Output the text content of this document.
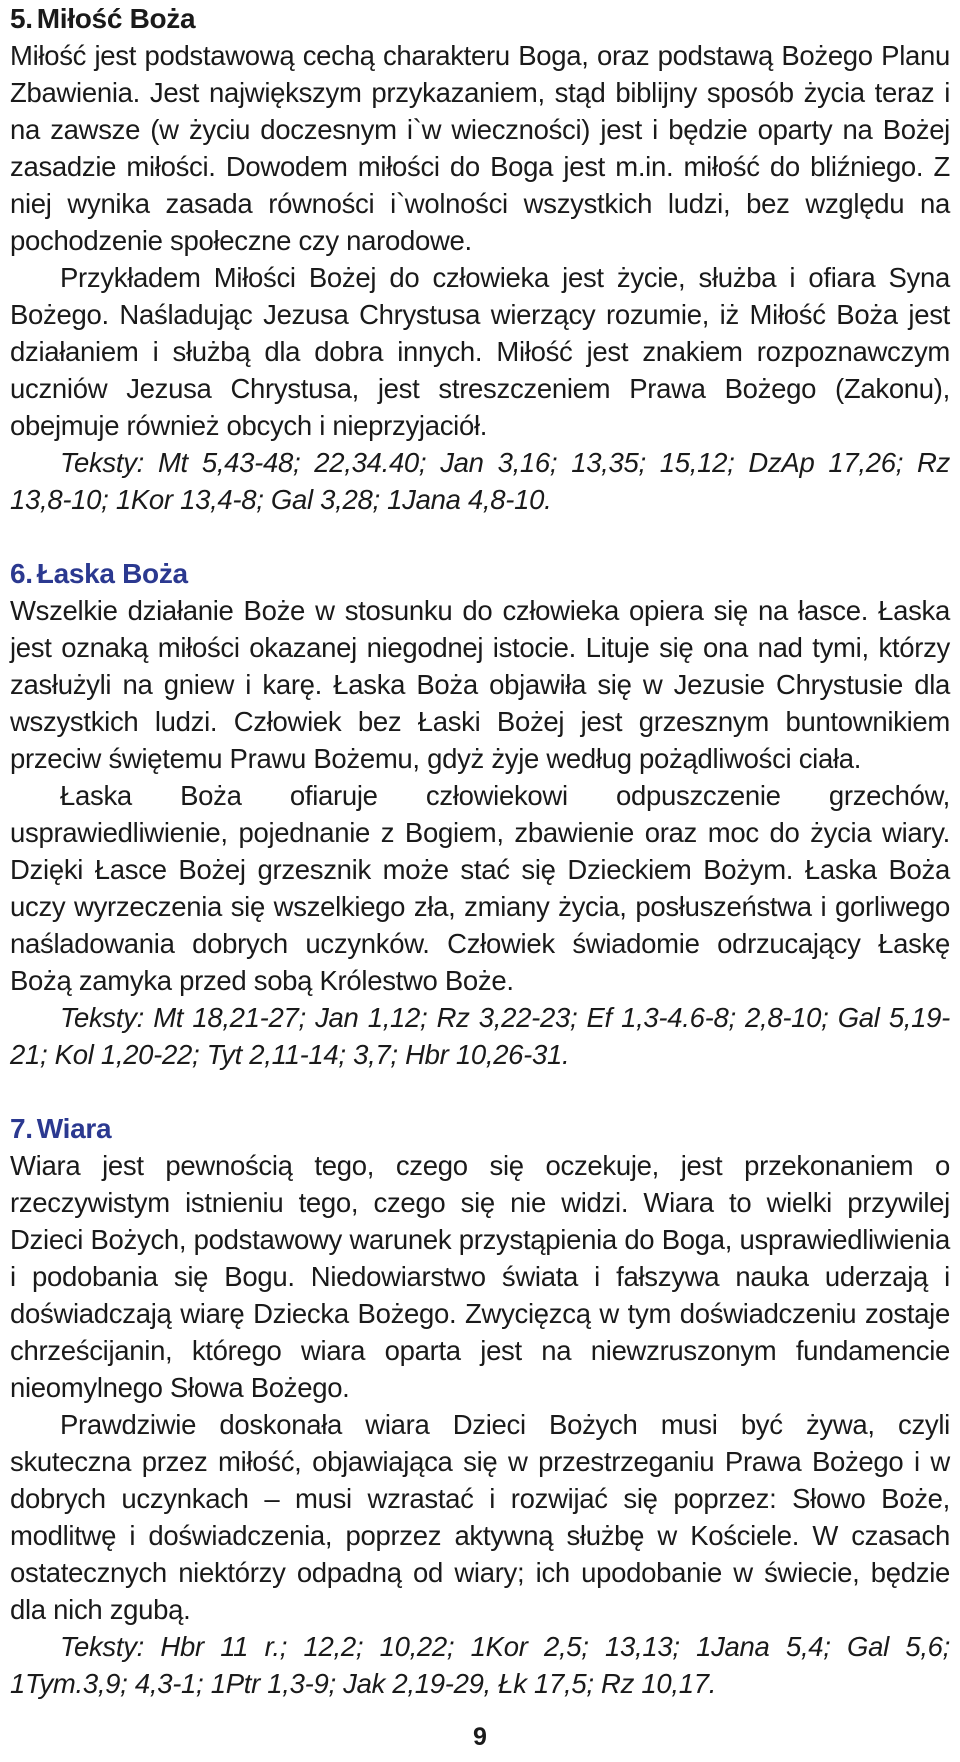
5. Miłość Boża

Miłość jest podstawową cechą charakteru Boga, oraz podstawą Bożego Planu Zbawienia. Jest największym przykazaniem, stąd biblijny sposób życia teraz i na zawsze (w życiu doczesnym i`w wieczności) jest i będzie oparty na Bożej zasadzie miłości. Dowodem miłości do Boga jest m.in. miłość do bliźniego. Z niej wynika zasada równości i`wolności wszystkich ludzi, bez względu na pochodzenie społeczne czy narodowe.

Przykładem Miłości Bożej do człowieka jest życie, służba i ofiara Syna Bożego. Naśladując Jezusa Chrystusa wierzący rozumie, iż Miłość Boża jest działaniem i służbą dla dobra innych. Miłość jest znakiem rozpoznawczym uczniów Jezusa Chrystusa, jest streszczeniem Prawa Bożego (Zakonu), obejmuje również obcych i nieprzyjaciół.

Teksty: Mt 5,43-48; 22,34.40; Jan 3,16; 13,35; 15,12; DzAp 17,26; Rz 13,8-10; 1Kor 13,4-8; Gal 3,28; 1Jana 4,8-10.

6. Łaska Boża

Wszelkie działanie Boże w stosunku do człowieka opiera się na łasce. Łaska jest oznaką miłości okazanej niegodnej istocie. Lituje się ona nad tymi, którzy zasłużyli na gniew i karę. Łaska Boża objawiła się w Jezusie Chrystusie dla wszystkich ludzi. Człowiek bez Łaski Bożej jest grzesznym buntownikiem przeciw świętemu Prawu Bożemu, gdyż żyje według pożądliwości ciała.

Łaska Boża ofiaruje człowiekowi odpuszczenie grzechów, usprawiedliwienie, pojednanie z Bogiem, zbawienie oraz moc do życia wiary. Dzięki Łasce Bożej grzesznik może stać się Dzieckiem Bożym. Łaska Boża uczy wyrzeczenia się wszelkiego zła, zmiany życia, posłuszeństwa i gorliwego naśladowania dobrych uczynków. Człowiek świadomie odrzucający Łaskę Bożą zamyka przed sobą Królestwo Boże.

Teksty: Mt 18,21-27; Jan 1,12; Rz 3,22-23; Ef 1,3-4.6-8; 2,8-10; Gal 5,19-21; Kol 1,20-22; Tyt 2,11-14; 3,7; Hbr 10,26-31.

7. Wiara

Wiara jest pewnością tego, czego się oczekuje, jest przekonaniem o rzeczywistym istnieniu tego, czego się nie widzi. Wiara to wielki przywilej Dzieci Bożych, podstawowy warunek przystąpienia do Boga, usprawiedliwienia i podobania się Bogu. Niedowiarstwo świata i fałszywa nauka uderzają i doświadczają wiarę Dziecka Bożego. Zwycięzcą w tym doświadczeniu zostaje chrześcijanin, którego wiara oparta jest na niewzruszonym fundamencie nieomylnego Słowa Bożego.

Prawdziwie doskonała wiara Dzieci Bożych musi być żywa, czyli skuteczna przez miłość, objawiająca się w przestrzeganiu Prawa Bożego i w dobrych uczynkach – musi wzrastać i rozwijać się poprzez: Słowo Boże, modlitwę i doświadczenia, poprzez aktywną służbę w Kościele. W czasach ostatecznych niektórzy odpadną od wiary; ich upodobanie w świecie, będzie dla nich zgubą.

Teksty: Hbr 11 r.; 12,2; 10,22; 1Kor 2,5; 13,13; 1Jana 5,4; Gal 5,6; 1Tym.3,9; 4,3-1; 1Ptr 1,3-9; Jak 2,19-29, Łk 17,5; Rz 10,17.

9
